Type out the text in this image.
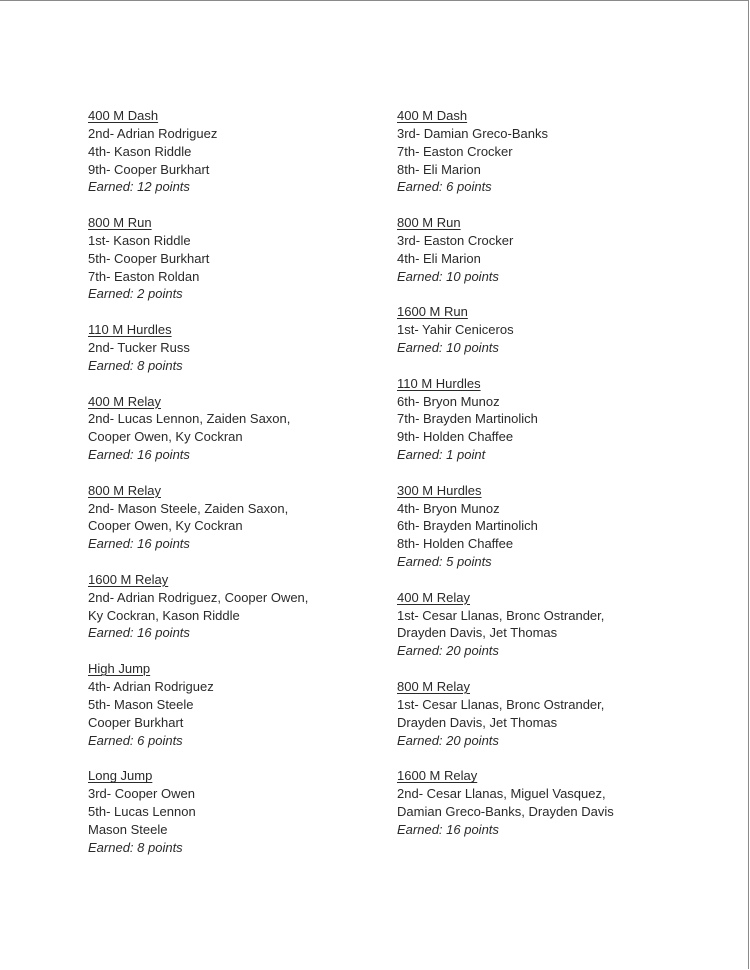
400 M Dash
2nd- Adrian Rodriguez
4th- Kason Riddle
9th- Cooper Burkhart
Earned: 12 points
800 M Run
1st- Kason Riddle
5th- Cooper Burkhart
7th- Easton Roldan
Earned: 2 points
110 M Hurdles
2nd- Tucker Russ
Earned: 8 points
400 M Relay
2nd- Lucas Lennon, Zaiden Saxon,
Cooper Owen, Ky Cockran
Earned: 16 points
800 M Relay
2nd- Mason Steele, Zaiden Saxon,
Cooper Owen, Ky Cockran
Earned: 16 points
1600 M Relay
2nd- Adrian Rodriguez, Cooper Owen,
Ky Cockran, Kason Riddle
Earned: 16 points
High Jump
4th- Adrian Rodriguez
5th- Mason Steele
Cooper Burkhart
Earned: 6 points
Long Jump
3rd- Cooper Owen
5th- Lucas Lennon
Mason Steele
Earned: 8 points
400 M Dash
3rd- Damian Greco-Banks
7th- Easton Crocker
8th- Eli Marion
Earned: 6 points
800 M Run
3rd- Easton Crocker
4th- Eli Marion
Earned: 10 points
1600 M Run
1st- Yahir Ceniceros
Earned: 10 points
110 M Hurdles
6th- Bryon Munoz
7th- Brayden Martinolich
9th- Holden Chaffee
Earned: 1 point
300 M Hurdles
4th- Bryon Munoz
6th- Brayden Martinolich
8th- Holden Chaffee
Earned: 5 points
400 M Relay
1st- Cesar Llanas, Bronc Ostrander,
Drayden Davis, Jet Thomas
Earned: 20 points
800 M Relay
1st- Cesar Llanas, Bronc Ostrander,
Drayden Davis, Jet Thomas
Earned: 20 points
1600 M Relay
2nd- Cesar Llanas, Miguel Vasquez,
Damian Greco-Banks, Drayden Davis
Earned: 16 points
